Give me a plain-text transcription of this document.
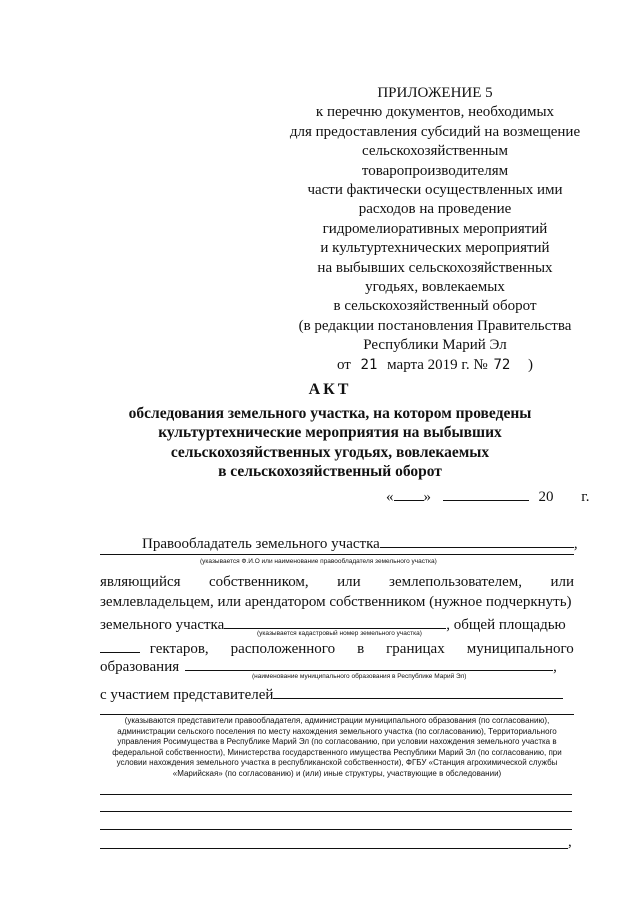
ПРИЛОЖЕНИЕ 5
к перечню документов, необходимых
для предоставления субсидий на возмещение
сельскохозяйственным
товаропроизводителям
части фактически осуществленных ими
расходов на проведение
гидромелиоративных мероприятий
и культуртехнических мероприятий
на выбывших сельскохозяйственных
угодьях, вовлекаемых
в сельскохозяйственный оборот
(в редакции постановления Правительства
Республики Марий Эл
от 21 марта 2019 г. № 72 )
АКТ
обследования земельного участка, на котором проведены
культуртехнические мероприятия на выбывших
сельскохозяйственных угодьях, вовлекаемых
в сельскохозяйственный оборот
« »	20 г.
Правообладатель земельного участка	,
(указывается Ф.И.О или наименование правообладателя земельного участка)
являющийся собственником, или землепользователем, или
землевладельцем, или арендатором собственником (нужное подчеркнуть)
земельного участка	, общей площадью
(указывается кадастровый номер земельного участка)
гектаров, расположенного в границах муниципального
образования	,
(наименование муниципального образования в Республике Марий Эл)
с участием представителей
(указываются представители правообладателя, администрации муниципального образования (по согласованию), администрации сельского поселения по месту нахождения земельного участка (по согласованию), Территориального управления Росимущества в Республике Марий Эл (по согласованию, при условии нахождения земельного участка в федеральной собственности), Министерства государственного имущества Республики Марий Эл (по согласованию, при условии нахождения земельного участка в республиканской собственности), ФГБУ «Станция агрохимической службы «Марийская» (по согласованию) и (или) иные структуры, участвующие в обследовании)
,
